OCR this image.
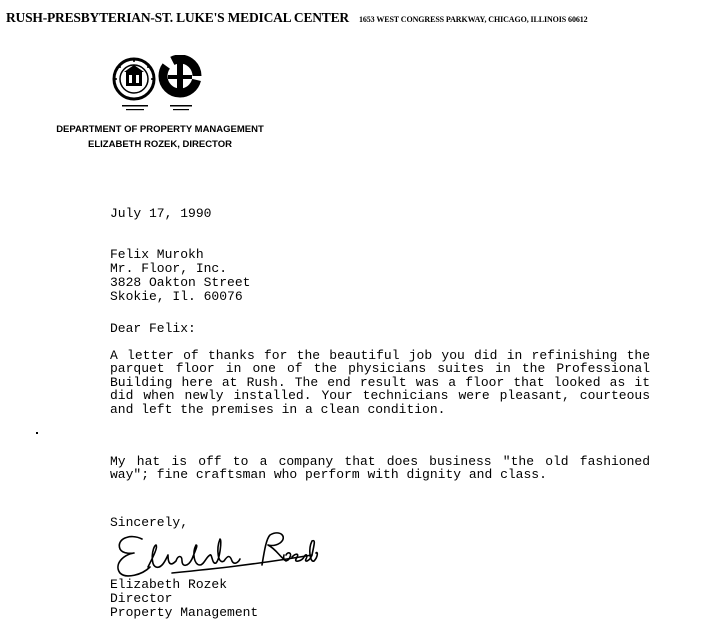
RUSH-PRESBYTERIAN-ST. LUKE'S MEDICAL CENTER 1653 WEST CONGRESS PARKWAY, CHICAGO, ILLINOIS 60612
DEPARTMENT OF PROPERTY MANAGEMENT
ELIZABETH ROZEK, DIRECTOR
July 17, 1990
Felix Murokh
Mr. Floor, Inc.
3828 Oakton Street
Skokie, Il. 60076
Dear Felix:
A letter of thanks for the beautiful job you did in refinishing the parquet floor in one of the physicians suites in the Professional Building here at Rush. The end result was a floor that looked as it did when newly installed. Your technicians were pleasant, courteous and left the premises in a clean condition.
My hat is off to a company that does business "the old fashioned way"; fine craftsman who perform with dignity and class.
Sincerely,
Elizabeth Rozek
Director
Property Management
